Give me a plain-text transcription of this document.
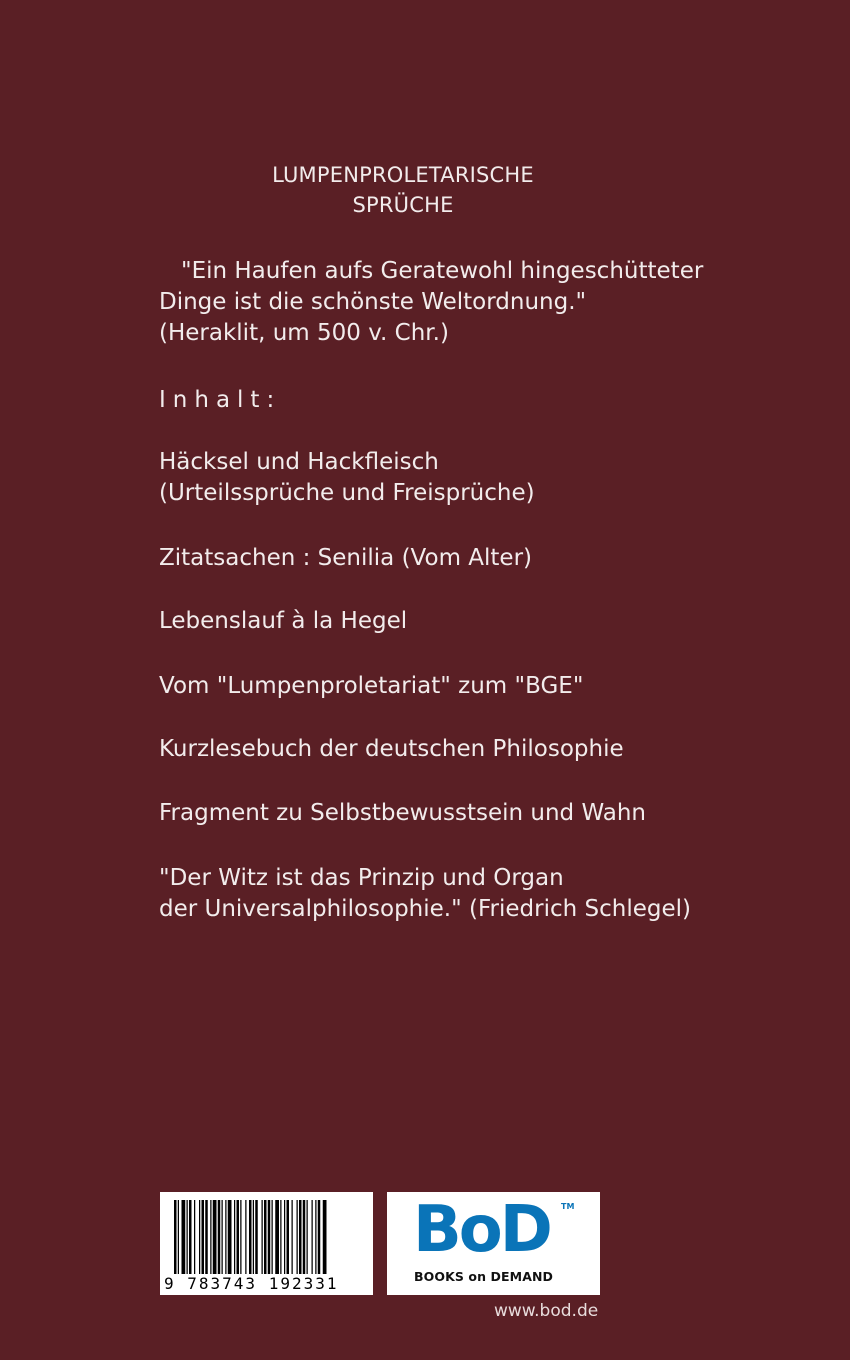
LUMPENPROLETARISCHE
SPRÜCHE
"Ein Haufen aufs Geratewohl hingeschütteter
Dinge ist die schönste Weltordnung."
(Heraklit, um 500 v. Chr.)
Inhalt:
Häcksel und Hackfleisch
(Urteilssprüche und Freisprüche)
Zitatsachen : Senilia (Vom Alter)
Lebenslauf à la Hegel
Vom "Lumpenproletariat" zum "BGE"
Kurzlesebuch der deutschen Philosophie
Fragment zu Selbstbewusstsein und Wahn
"Der Witz ist das Prinzip und Organ
der Universalphilosophie." (Friedrich Schlegel)
9 783743 192331
BoD TM
BOOKS on DEMAND
www.bod.de
